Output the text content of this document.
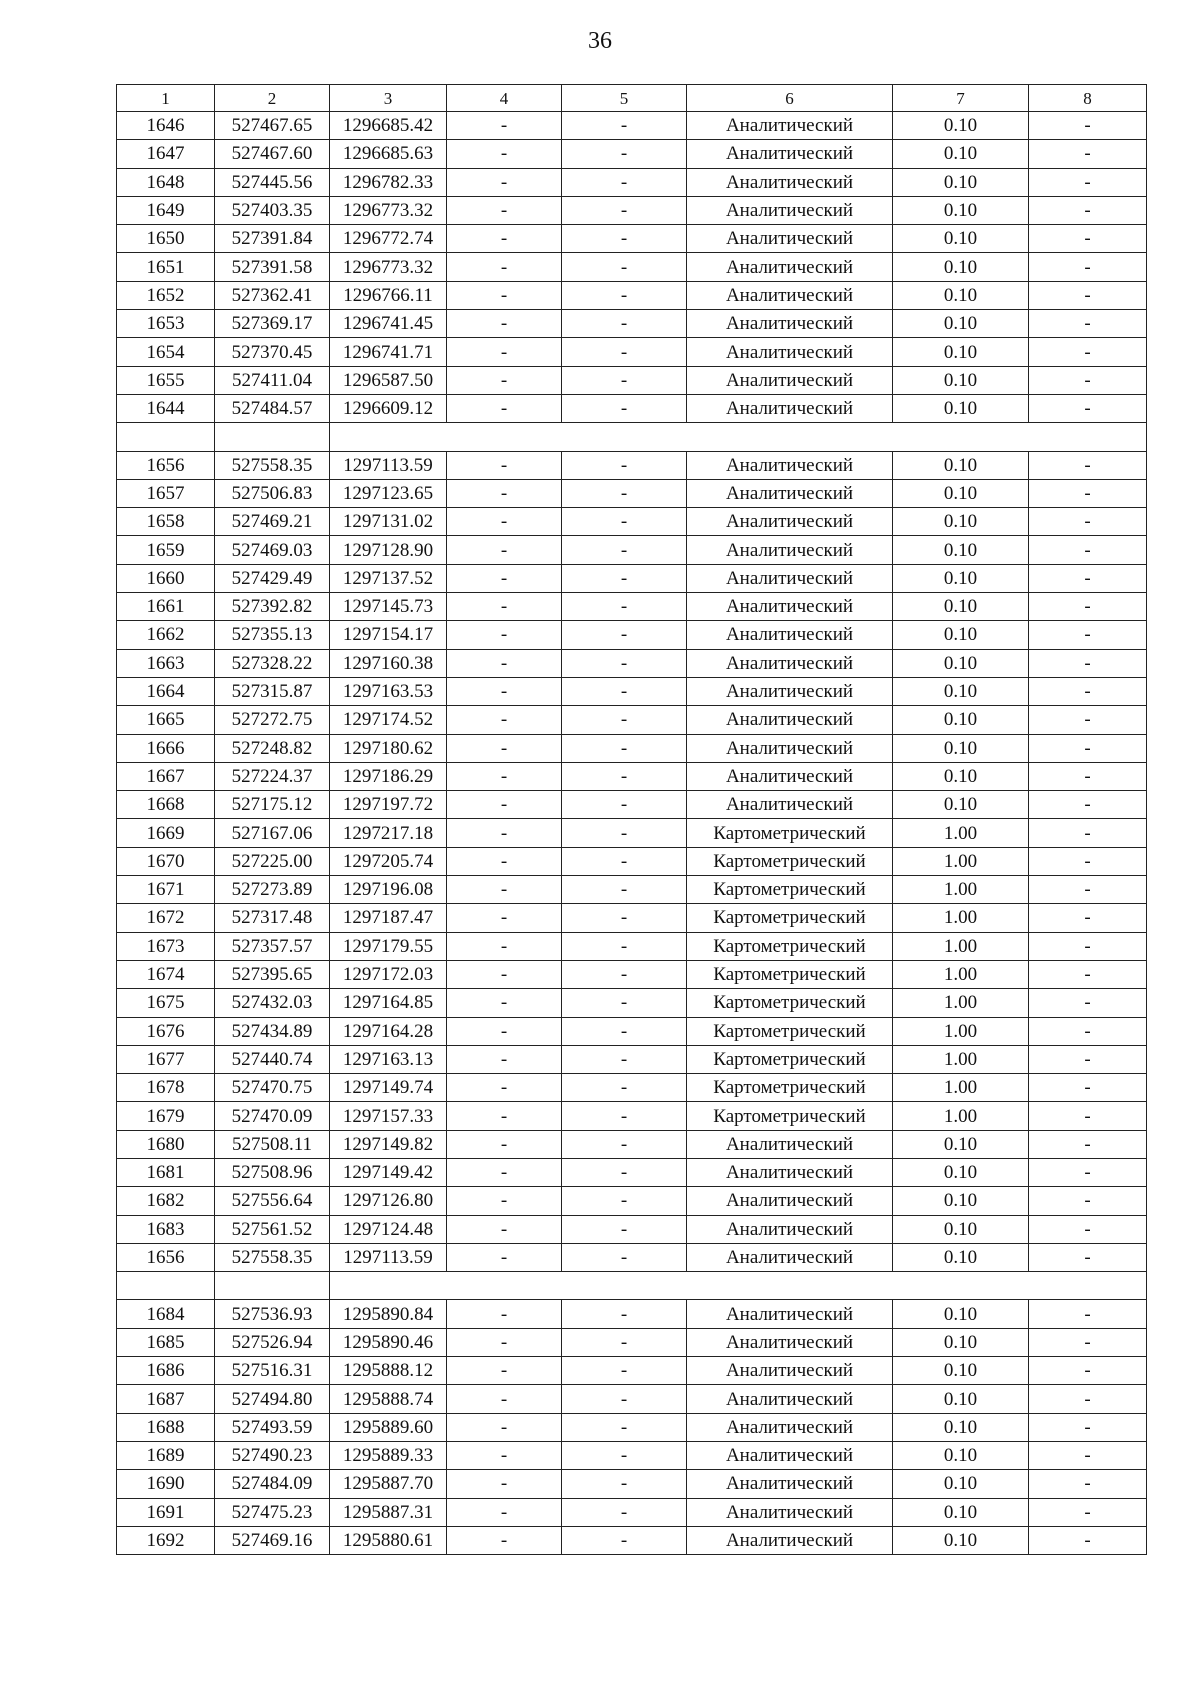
36
1	2	3	4	5	6	7	8
1646	527467.65	1296685.42	-	-	Аналитический	0.10	-
1647	527467.60	1296685.63	-	-	Аналитический	0.10	-
1648	527445.56	1296782.33	-	-	Аналитический	0.10	-
1649	527403.35	1296773.32	-	-	Аналитический	0.10	-
1650	527391.84	1296772.74	-	-	Аналитический	0.10	-
1651	527391.58	1296773.32	-	-	Аналитический	0.10	-
1652	527362.41	1296766.11	-	-	Аналитический	0.10	-
1653	527369.17	1296741.45	-	-	Аналитический	0.10	-
1654	527370.45	1296741.71	-	-	Аналитический	0.10	-
1655	527411.04	1296587.50	-	-	Аналитический	0.10	-
1644	527484.57	1296609.12	-	-	Аналитический	0.10	-

1656	527558.35	1297113.59	-	-	Аналитический	0.10	-
1657	527506.83	1297123.65	-	-	Аналитический	0.10	-
1658	527469.21	1297131.02	-	-	Аналитический	0.10	-
1659	527469.03	1297128.90	-	-	Аналитический	0.10	-
1660	527429.49	1297137.52	-	-	Аналитический	0.10	-
1661	527392.82	1297145.73	-	-	Аналитический	0.10	-
1662	527355.13	1297154.17	-	-	Аналитический	0.10	-
1663	527328.22	1297160.38	-	-	Аналитический	0.10	-
1664	527315.87	1297163.53	-	-	Аналитический	0.10	-
1665	527272.75	1297174.52	-	-	Аналитический	0.10	-
1666	527248.82	1297180.62	-	-	Аналитический	0.10	-
1667	527224.37	1297186.29	-	-	Аналитический	0.10	-
1668	527175.12	1297197.72	-	-	Аналитический	0.10	-
1669	527167.06	1297217.18	-	-	Картометрический	1.00	-
1670	527225.00	1297205.74	-	-	Картометрический	1.00	-
1671	527273.89	1297196.08	-	-	Картометрический	1.00	-
1672	527317.48	1297187.47	-	-	Картометрический	1.00	-
1673	527357.57	1297179.55	-	-	Картометрический	1.00	-
1674	527395.65	1297172.03	-	-	Картометрический	1.00	-
1675	527432.03	1297164.85	-	-	Картометрический	1.00	-
1676	527434.89	1297164.28	-	-	Картометрический	1.00	-
1677	527440.74	1297163.13	-	-	Картометрический	1.00	-
1678	527470.75	1297149.74	-	-	Картометрический	1.00	-
1679	527470.09	1297157.33	-	-	Картометрический	1.00	-
1680	527508.11	1297149.82	-	-	Аналитический	0.10	-
1681	527508.96	1297149.42	-	-	Аналитический	0.10	-
1682	527556.64	1297126.80	-	-	Аналитический	0.10	-
1683	527561.52	1297124.48	-	-	Аналитический	0.10	-
1656	527558.35	1297113.59	-	-	Аналитический	0.10	-

1684	527536.93	1295890.84	-	-	Аналитический	0.10	-
1685	527526.94	1295890.46	-	-	Аналитический	0.10	-
1686	527516.31	1295888.12	-	-	Аналитический	0.10	-
1687	527494.80	1295888.74	-	-	Аналитический	0.10	-
1688	527493.59	1295889.60	-	-	Аналитический	0.10	-
1689	527490.23	1295889.33	-	-	Аналитический	0.10	-
1690	527484.09	1295887.70	-	-	Аналитический	0.10	-
1691	527475.23	1295887.31	-	-	Аналитический	0.10	-
1692	527469.16	1295880.61	-	-	Аналитический	0.10	-
